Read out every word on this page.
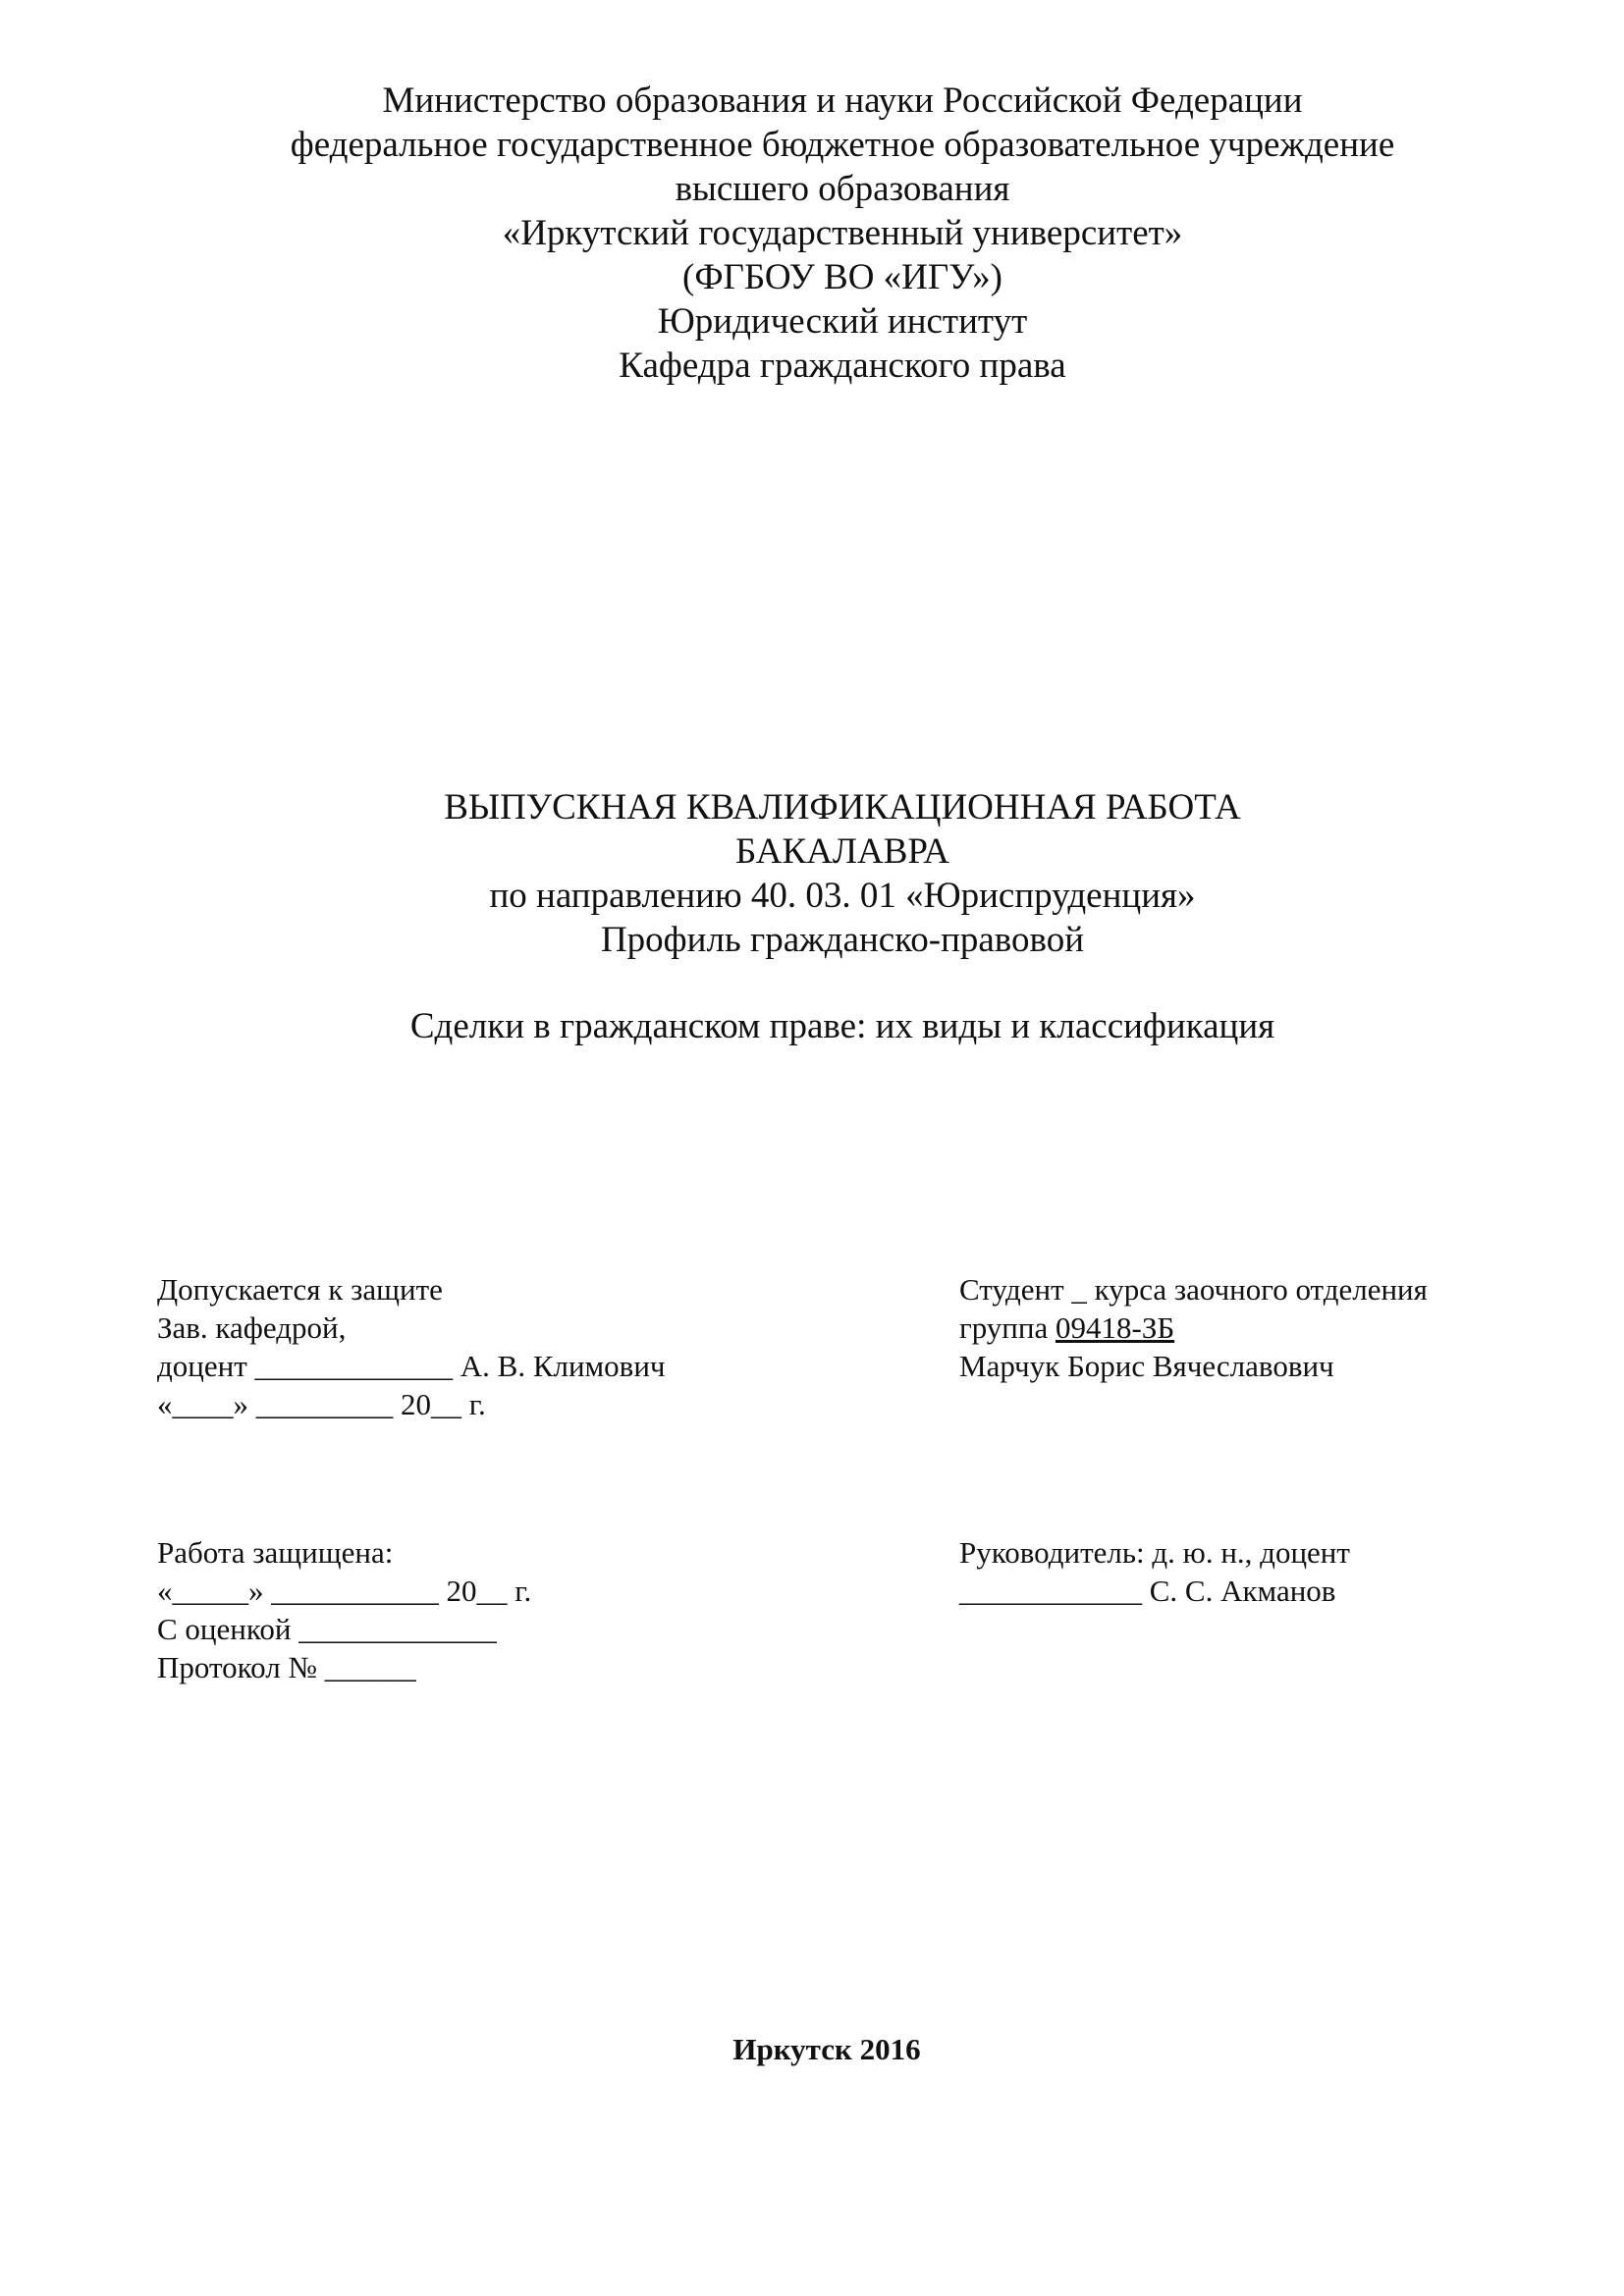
Министерство образования и науки Российской Федерации
федеральное государственное бюджетное образовательное учреждение
высшего образования
«Иркутский государственный университет»
(ФГБОУ ВО «ИГУ»)
Юридический институт
Кафедра гражданского права
ВЫПУСКНАЯ КВАЛИФИКАЦИОННАЯ РАБОТА
БАКАЛАВРА
по направлению 40. 03. 01 «Юриспруденция»
Профиль гражданско-правовой
Сделки в гражданском праве: их виды и классификация
Допускается к защите
Зав. кафедрой,
доцент _____________ А. В. Климович
«____» _________ 20__ г.
Студент _ курса заочного отделения
группа 09418-ЗБ
Марчук Борис Вячеславович
Работа защищена:
«_____» ___________ 20__ г.
С оценкой _____________
Протокол № ______
Руководитель: д. ю. н., доцент
____________ С. С. Акманов
Иркутск 2016
